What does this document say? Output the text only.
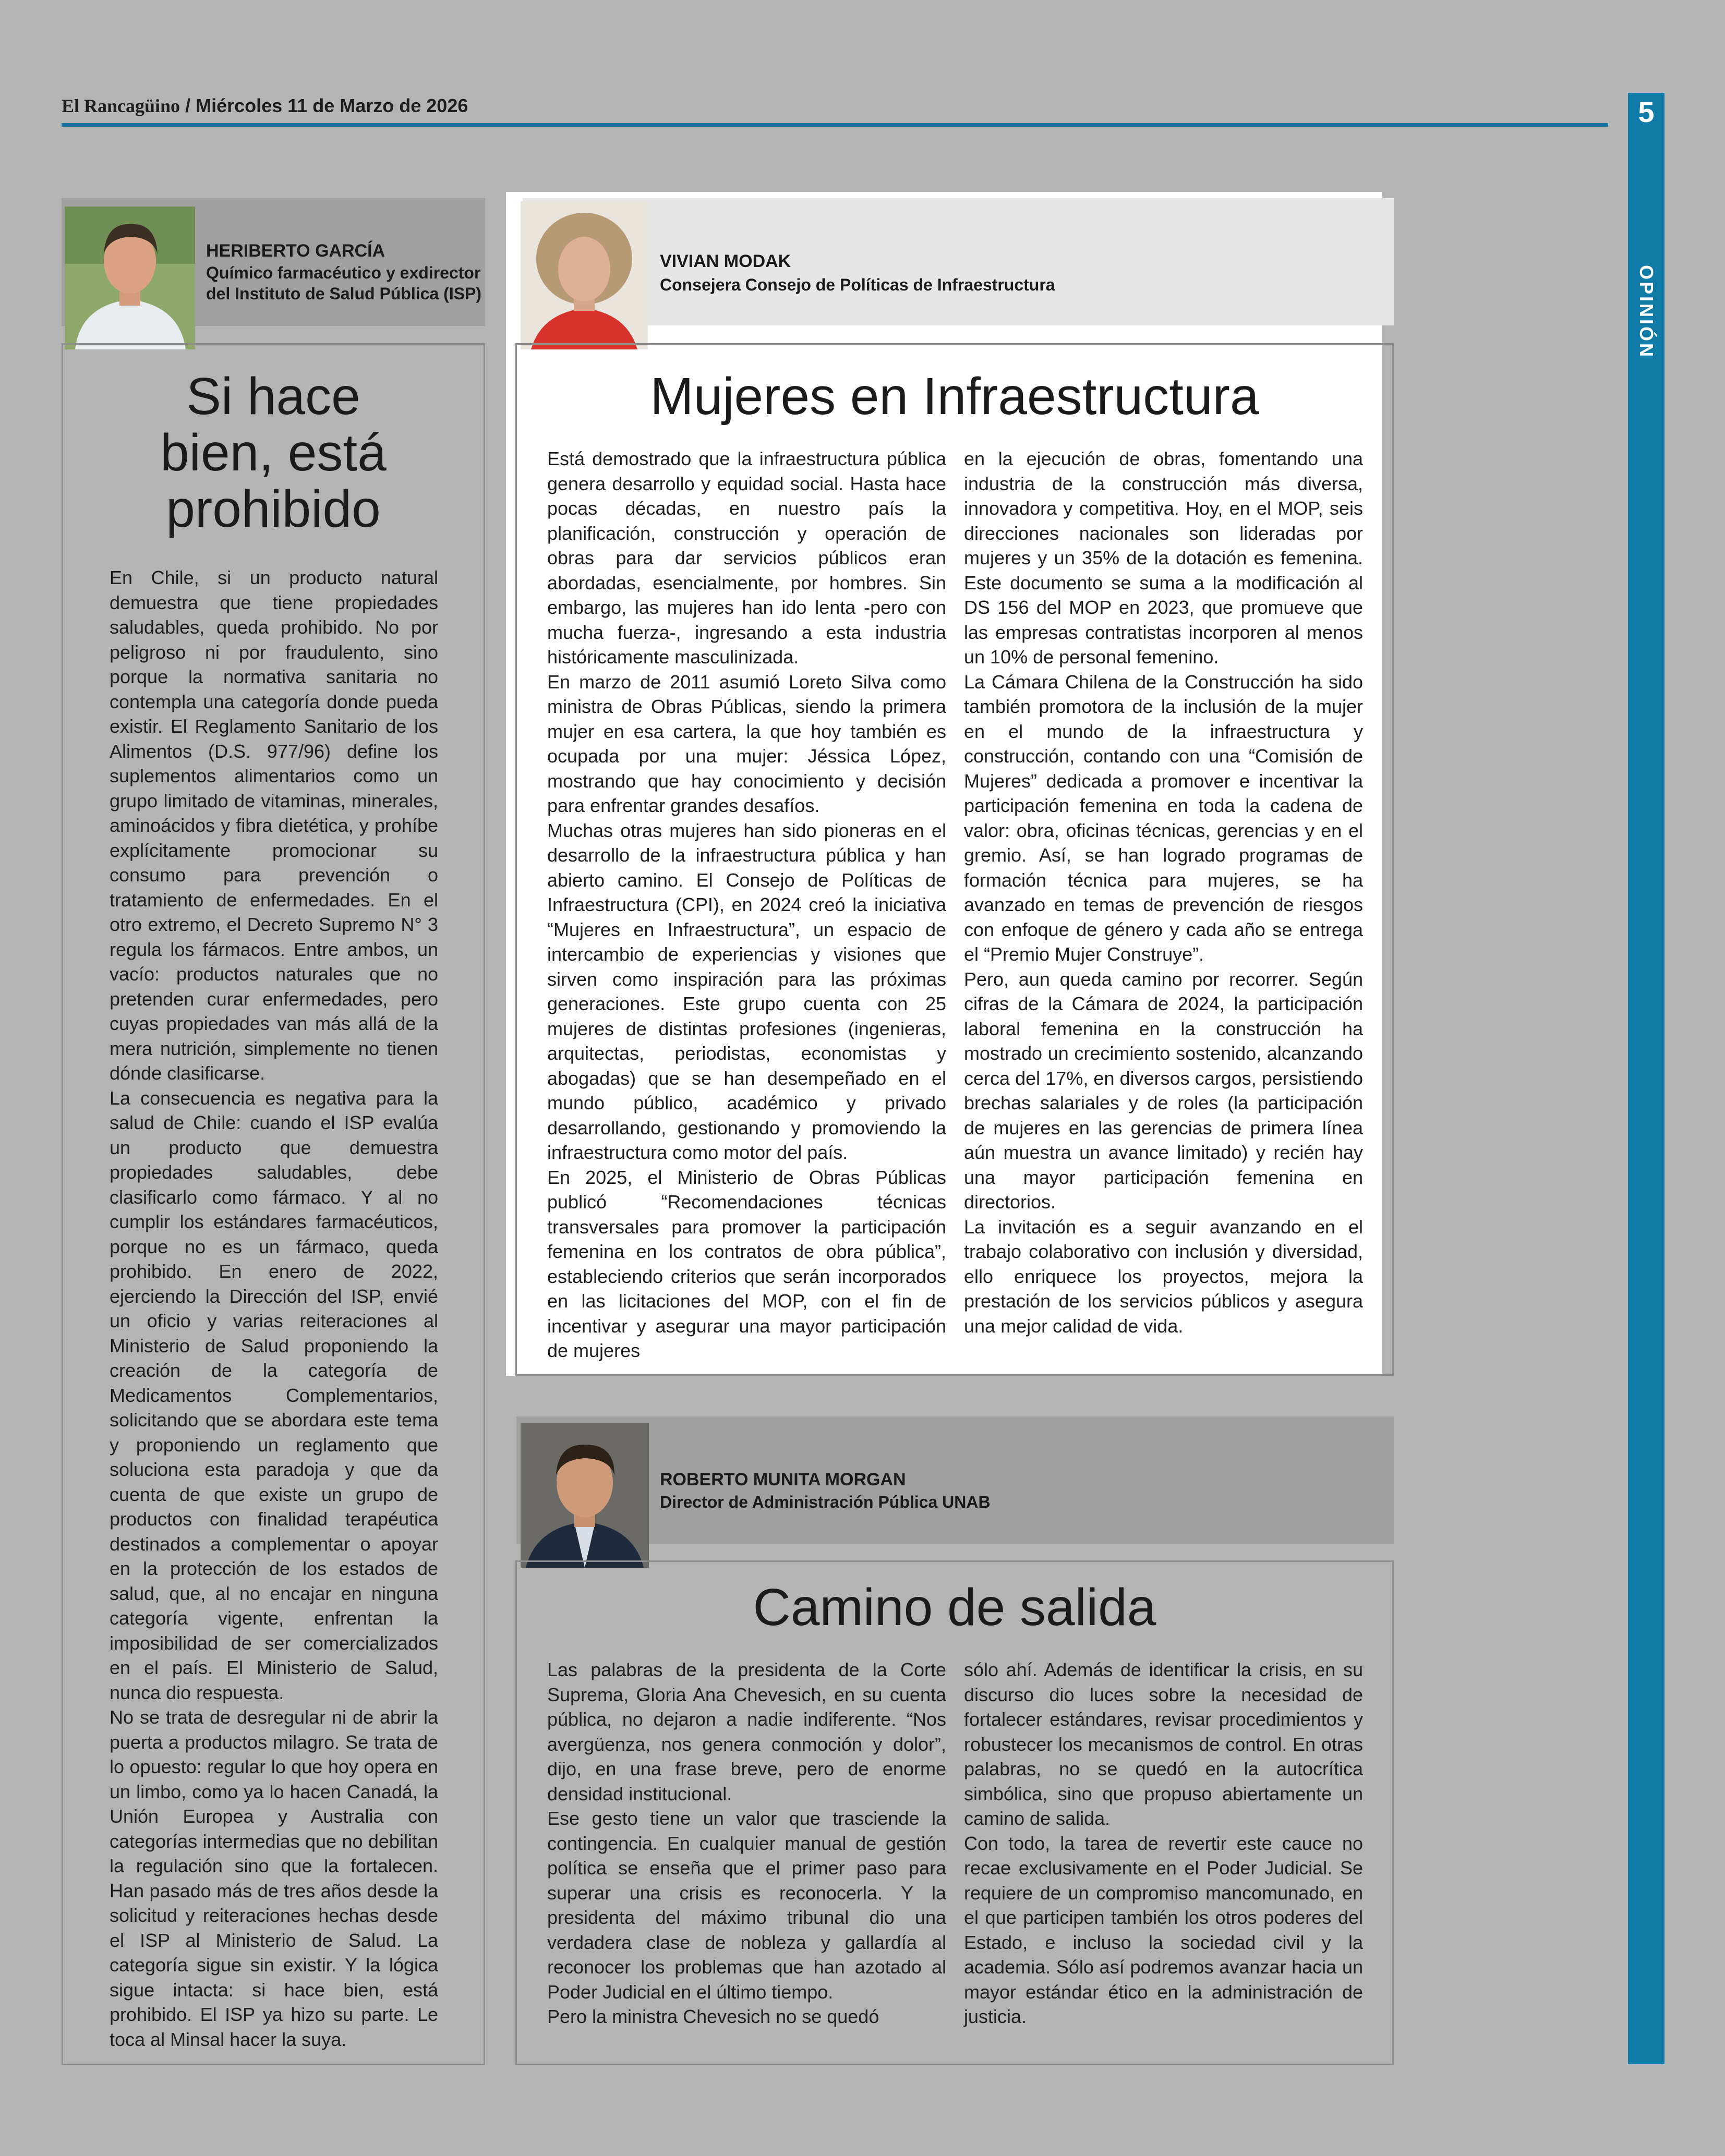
El Rancagüino / Miércoles 11 de Marzo de 2026	5
OPINIÓN
HERIBERTO GARCÍA
Químico farmacéutico y exdirector
del Instituto de Salud Pública (ISP)
Si hace
bien, está
prohibido

En Chile, si un producto natural demuestra que tiene propiedades saludables, queda prohibido. No por peligroso ni por fraudulento, sino porque la normativa sanitaria no contempla una categoría donde pueda existir. El Reglamento Sanitario de los Alimentos (D.S. 977/96) define los suplementos alimentarios como un grupo limitado de vitaminas, minerales, aminoácidos y fibra dietética, y prohíbe explícitamente promocionar su consumo para prevención o tratamiento de enfermedades. En el otro extremo, el Decreto Supremo N° 3 regula los fármacos. Entre ambos, un vacío: productos naturales que no pretenden curar enfermedades, pero cuyas propiedades van más allá de la mera nutrición, simplemente no tienen dónde clasificarse.

La consecuencia es negativa para la salud de Chile: cuando el ISP evalúa un producto que demuestra propiedades saludables, debe clasificarlo como fármaco. Y al no cumplir los estándares farmacéuticos, porque no es un fármaco, queda prohibido. En enero de 2022, ejerciendo la Dirección del ISP, envié un oficio y varias reiteraciones al Ministerio de Salud proponiendo la creación de la categoría de Medicamentos Complementarios, solicitando que se abordara este tema y proponiendo un reglamento que soluciona esta paradoja y que da cuenta de que existe un grupo de productos con finalidad terapéutica destinados a complementar o apoyar en la protección de los estados de salud, que, al no encajar en ninguna categoría vigente, enfrentan la imposibilidad de ser comercializados en el país. El Ministerio de Salud, nunca dio respuesta.

No se trata de desregular ni de abrir la puerta a productos milagro. Se trata de lo opuesto: regular lo que hoy opera en un limbo, como ya lo hacen Canadá, la Unión Europea y Australia con categorías intermedias que no debilitan la regulación sino que la fortalecen. Han pasado más de tres años desde la solicitud y reiteraciones hechas desde el ISP al Ministerio de Salud. La categoría sigue sin existir. Y la lógica sigue intacta: si hace bien, está prohibido. El ISP ya hizo su parte. Le toca al Minsal hacer la suya.

VIVIAN MODAK
Consejera Consejo de Políticas de Infraestructura
Mujeres en Infraestructura

Está demostrado que la infraestructura pública genera desarrollo y equidad social. Hasta hace pocas décadas, en nuestro país la planificación, construcción y operación de obras para dar servicios públicos eran abordadas, esencialmente, por hombres. Sin embargo, las mujeres han ido lenta -pero con mucha fuerza-, ingresando a esta industria históricamente masculinizada.

En marzo de 2011 asumió Loreto Silva como ministra de Obras Públicas, siendo la primera mujer en esa cartera, la que hoy también es ocupada por una mujer: Jéssica López, mostrando que hay conocimiento y decisión para enfrentar grandes desafíos.

Muchas otras mujeres han sido pioneras en el desarrollo de la infraestructura pública y han abierto camino. El Consejo de Políticas de Infraestructura (CPI), en 2024 creó la iniciativa “Mujeres en Infraestructura”, un espacio de intercambio de experiencias y visiones que sirven como inspiración para las próximas generaciones. Este grupo cuenta con 25 mujeres de distintas profesiones (ingenieras, arquitectas, periodistas, economistas y abogadas) que se han desempeñado en el mundo público, académico y privado desarrollando, gestionando y promoviendo la infraestructura como motor del país.

En 2025, el Ministerio de Obras Públicas publicó “Recomendaciones técnicas transversales para promover la participación femenina en los contratos de obra pública”, estableciendo criterios que serán incorporados en las licitaciones del MOP, con el fin de incentivar y asegurar una mayor participación de mujeres

en la ejecución de obras, fomentando una industria de la construcción más diversa, innovadora y competitiva. Hoy, en el MOP, seis direcciones nacionales son lideradas por mujeres y un 35% de la dotación es femenina. Este documento se suma a la modificación al DS 156 del MOP en 2023, que promueve que las empresas contratistas incorporen al menos un 10% de personal femenino.

La Cámara Chilena de la Construcción ha sido también promotora de la inclusión de la mujer en el mundo de la infraestructura y construcción, contando con una “Comisión de Mujeres” dedicada a promover e incentivar la participación femenina en toda la cadena de valor: obra, oficinas técnicas, gerencias y en el gremio. Así, se han logrado programas de formación técnica para mujeres, se ha avanzado en temas de prevención de riesgos con enfoque de género y cada año se entrega el “Premio Mujer Construye”.

Pero, aun queda camino por recorrer. Según cifras de la Cámara de 2024, la participación laboral femenina en la construcción ha mostrado un crecimiento sostenido, alcanzando cerca del 17%, en diversos cargos, persistiendo brechas salariales y de roles (la participación de mujeres en las gerencias de primera línea aún muestra un avance limitado) y recién hay una mayor participación femenina en directorios.

La invitación es a seguir avanzando en el trabajo colaborativo con inclusión y diversidad, ello enriquece los proyectos, mejora la prestación de los servicios públicos y asegura una mejor calidad de vida.

ROBERTO MUNITA MORGAN
Director de Administración Pública UNAB
Camino de salida

Las palabras de la presidenta de la Corte Suprema, Gloria Ana Chevesich, en su cuenta pública, no dejaron a nadie indiferente. “Nos avergüenza, nos genera conmoción y dolor”, dijo, en una frase breve, pero de enorme densidad institucional.

Ese gesto tiene un valor que trasciende la contingencia. En cualquier manual de gestión política se enseña que el primer paso para superar una crisis es reconocerla. Y la presidenta del máximo tribunal dio una verdadera clase de nobleza y gallardía al reconocer los problemas que han azotado al Poder Judicial en el último tiempo.

Pero la ministra Chevesich no se quedó

sólo ahí. Además de identificar la crisis, en su discurso dio luces sobre la necesidad de fortalecer estándares, revisar procedimientos y robustecer los mecanismos de control. En otras palabras, no se quedó en la autocrítica simbólica, sino que propuso abiertamente un camino de salida.

Con todo, la tarea de revertir este cauce no recae exclusivamente en el Poder Judicial. Se requiere de un compromiso mancomunado, en el que participen también los otros poderes del Estado, e incluso la sociedad civil y la academia. Sólo así podremos avanzar hacia un mayor estándar ético en la administración de justicia.
